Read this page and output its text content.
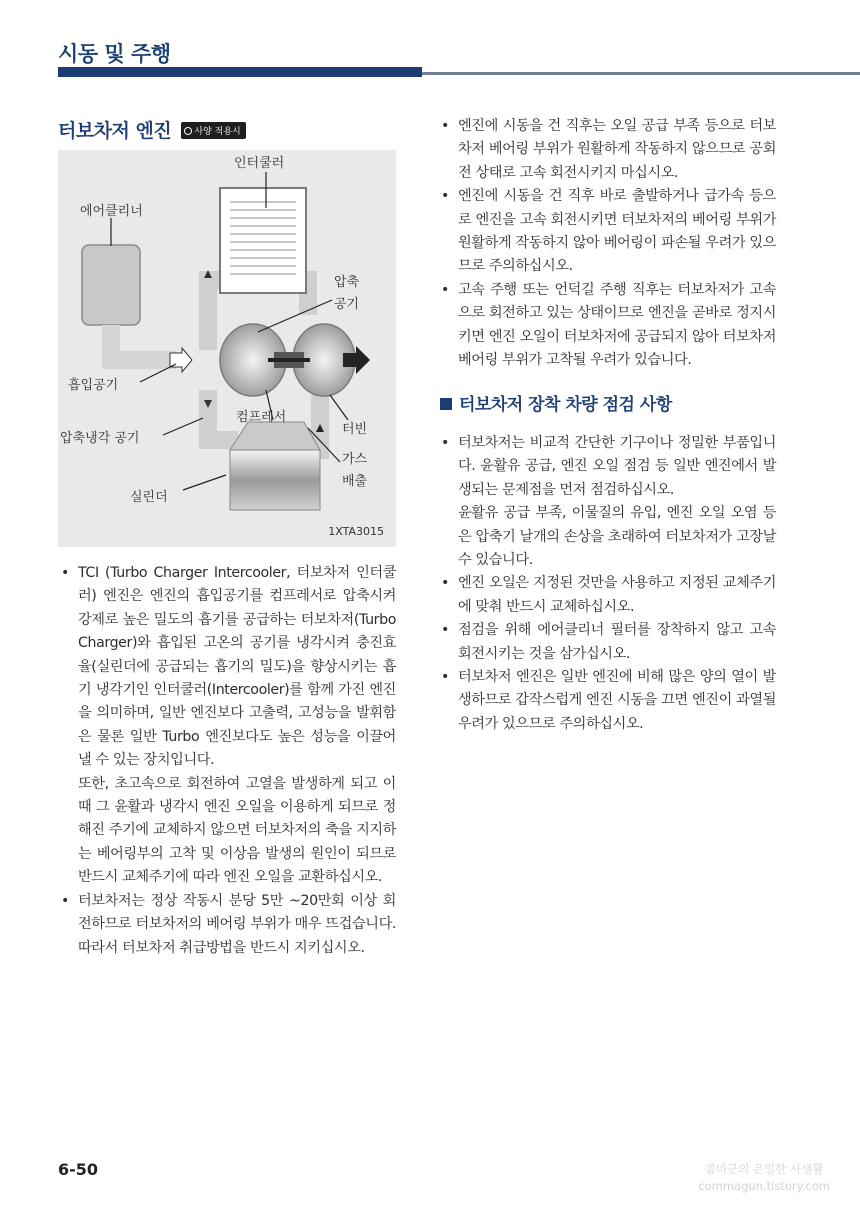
시동 및 주행
터보차저 엔진	사양 적용시
인터쿨러
에어클리너
압축
공기
흡입공기
컴프레서
터빈
압축냉각 공기
가스
배출
실린더
1XTA3015
• TCI (Turbo Charger Intercooler, 터보차저 인터쿨러) 엔진은 엔진의 흡입공기를 컴프레서로 압축시켜 강제로 높은 밀도의 흡기를 공급하는 터보차저(Turbo Charger)와 흡입된 고온의 공기를 냉각시켜 충진효율(실린더에 공급되는 흡기의 밀도)을 향상시키는 흡기 냉각기인 인터쿨러(Intercooler)를 함께 가진 엔진을 의미하며, 일반 엔진보다 고출력, 고성능을 발휘함은 물론 일반 Turbo 엔진보다도 높은 성능을 이끌어낼 수 있는 장치입니다.
또한, 초고속으로 회전하여 고열을 발생하게 되고 이때 그 윤활과 냉각시 엔진 오일을 이용하게 되므로 정해진 주기에 교체하지 않으면 터보차저의 축을 지지하는 베어링부의 고착 및 이상음 발생의 원인이 되므로 반드시 교체주기에 따라 엔진 오일을 교환하십시오.
• 터보차저는 정상 작동시 분당 5만 ~20만회 이상 회전하므로 터보차저의 베어링 부위가 매우 뜨겁습니다. 따라서 터보차저 취급방법을 반드시 지키십시오.
• 엔진에 시동을 건 직후는 오일 공급 부족 등으로 터보차저 베어링 부위가 원활하게 작동하지 않으므로 공회전 상태로 고속 회전시키지 마십시오.
• 엔진에 시동을 건 직후 바로 출발하거나 급가속 등으로 엔진을 고속 회전시키면 터보차저의 베어링 부위가 원활하게 작동하지 않아 베어링이 파손될 우려가 있으므로 주의하십시오.
• 고속 주행 또는 언덕길 주행 직후는 터보차저가 고속으로 회전하고 있는 상태이므로 엔진을 곧바로 정지시키면 엔진 오일이 터보차저에 공급되지 않아 터보차저 베어링 부위가 고착될 우려가 있습니다.
터보차저 장착 차량 점검 사항
• 터보차저는 비교적 간단한 기구이나 정밀한 부품입니다. 윤활유 공급, 엔진 오일 점검 등 일반 엔진에서 발생되는 문제점을 먼저 점검하십시오.
윤활유 공급 부족, 이물질의 유입, 엔진 오일 오염 등은 압축기 날개의 손상을 초래하여 터보차저가 고장날 수 있습니다.
• 엔진 오일은 지정된 것만을 사용하고 지정된 교체주기에 맞춰 반드시 교체하십시오.
• 점검을 위해 에어클리너 필터를 장착하지 않고 고속 회전시키는 것을 삼가십시오.
• 터보차저 엔진은 일반 엔진에 비해 많은 양의 열이 발생하므로 갑작스럽게 엔진 시동을 끄면 엔진이 과열될 우려가 있으므로 주의하십시오.
6-50	콤마군의 은밀한 사생활
commagun.tistory.com
